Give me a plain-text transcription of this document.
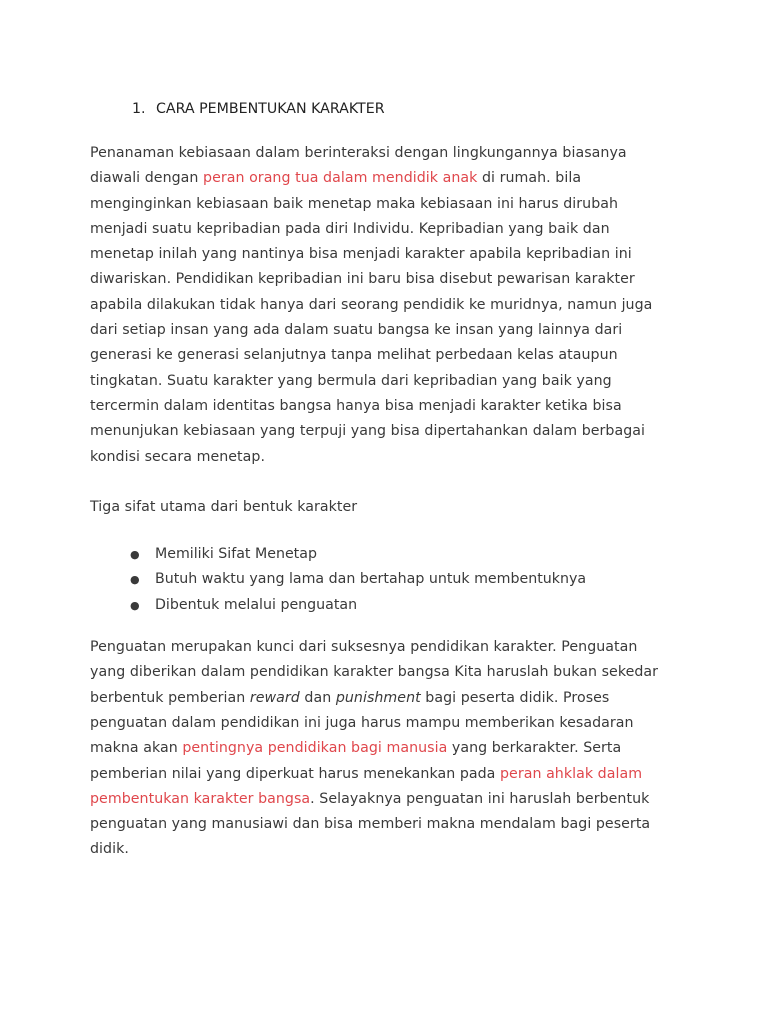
1. CARA PEMBENTUKAN KARAKTER

Penanaman kebiasaan dalam berinteraksi dengan lingkungannya biasanya
diawali dengan peran orang tua dalam mendidik anak di rumah. bila
menginginkan kebiasaan baik menetap maka kebiasaan ini harus dirubah
menjadi suatu kepribadian pada diri Individu. Kepribadian yang baik dan
menetap inilah yang nantinya bisa menjadi karakter apabila kepribadian ini
diwariskan. Pendidikan kepribadian ini baru bisa disebut pewarisan karakter
apabila dilakukan tidak hanya dari seorang pendidik ke muridnya, namun juga
dari setiap insan yang ada dalam suatu bangsa ke insan yang lainnya dari
generasi ke generasi selanjutnya tanpa melihat perbedaan kelas ataupun
tingkatan. Suatu karakter yang bermula dari kepribadian yang baik yang
tercermin dalam identitas bangsa hanya bisa menjadi karakter ketika bisa
menunjukan kebiasaan yang terpuji yang bisa dipertahankan dalam berbagai
kondisi secara menetap.

Tiga sifat utama dari bentuk karakter

● Memiliki Sifat Menetap
● Butuh waktu yang lama dan bertahap untuk membentuknya
● Dibentuk melalui penguatan

Penguatan merupakan kunci dari suksesnya pendidikan karakter. Penguatan
yang diberikan dalam pendidikan karakter bangsa Kita haruslah bukan sekedar
berbentuk pemberian reward dan punishment bagi peserta didik. Proses
penguatan dalam pendidikan ini juga harus mampu memberikan kesadaran
makna akan pentingnya pendidikan bagi manusia yang berkarakter. Serta
pemberian nilai yang diperkuat harus menekankan pada peran ahklak dalam
pembentukan karakter bangsa. Selayaknya penguatan ini haruslah berbentuk
penguatan yang manusiawi dan bisa memberi makna mendalam bagi peserta
didik.
